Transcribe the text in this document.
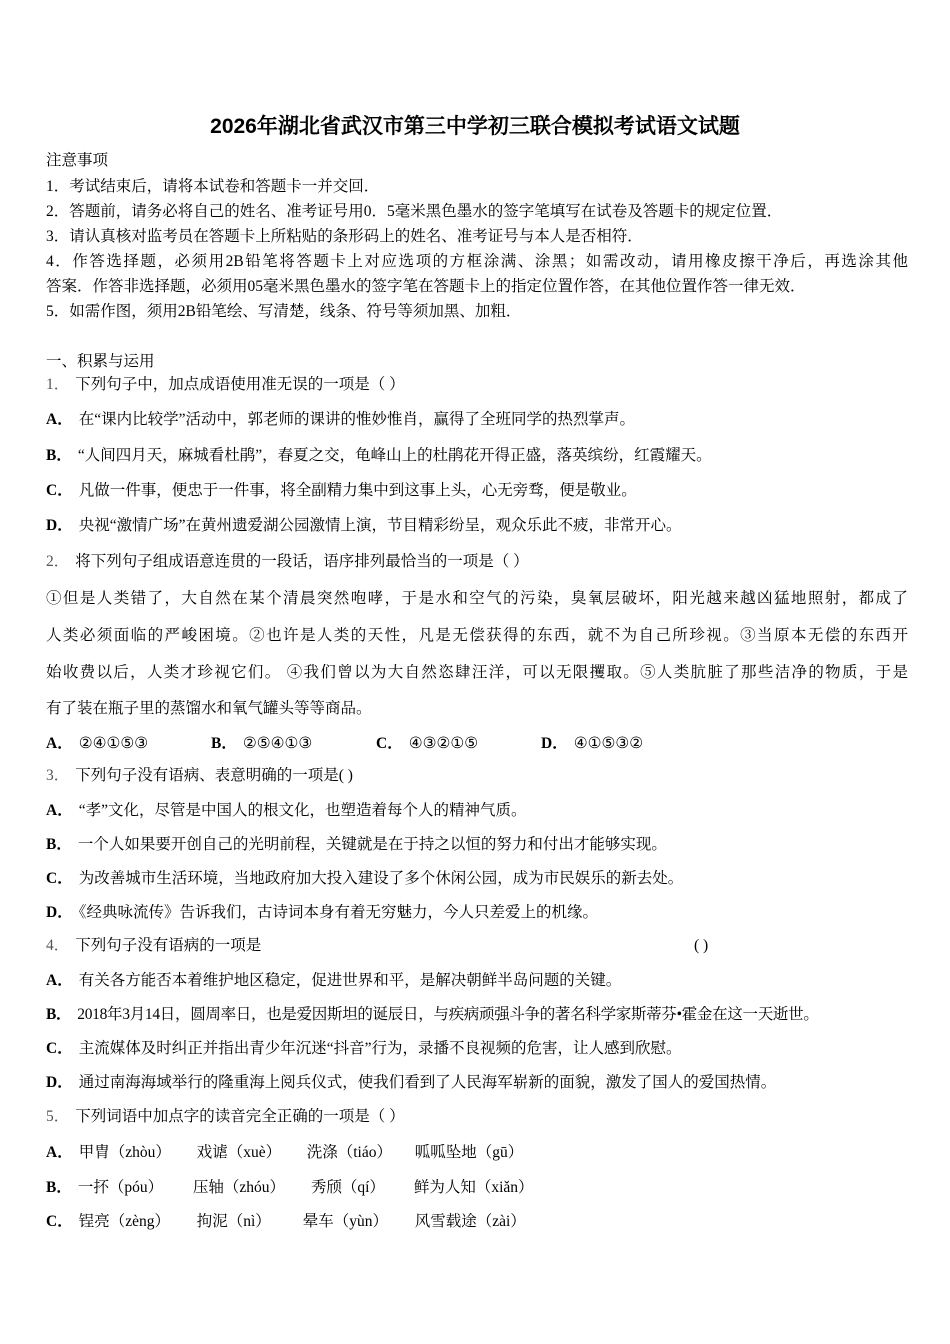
2026年湖北省武汉市第三中学初三联合模拟考试语文试题
注意事项
1．考试结束后，请将本试卷和答题卡一并交回．
2．答题前，请务必将自己的姓名、准考证号用0．5毫米黑色墨水的签字笔填写在试卷及答题卡的规定位置．
3．请认真核对监考员在答题卡上所粘贴的条形码上的姓名、准考证号与本人是否相符．
4．作答选择题，必须用2B铅笔将答题卡上对应选项的方框涂满、涂黑；如需改动，请用橡皮擦干净后，再选涂其他
答案．作答非选择题，必须用05毫米黑色墨水的签字笔在答题卡上的指定位置作答，在其他位置作答一律无效．
5．如需作图，须用2B铅笔绘、写清楚，线条、符号等须加黑、加粗．
一、积累与运用
1． 下列句子中，加点成语使用准无误的一项是（ ）
A． 在“课内比较学”活动中，郭老师的课讲的惟妙惟肖，赢得了全班同学的热烈掌声。
B． “人间四月天，麻城看杜鹃”，春夏之交，龟峰山上的杜鹃花开得正盛，落英缤纷，红霞耀天。
C． 凡做一件事，便忠于一件事，将全副精力集中到这事上头，心无旁骛，便是敬业。
D． 央视“激情广场”在黄州遗爱湖公园激情上演，节目精彩纷呈，观众乐此不疲，非常开心。
2． 将下列句子组成语意连贯的一段话，语序排列最恰当的一项是（ ）
①但是人类错了，大自然在某个清晨突然咆哮，于是水和空气的污染，臭氧层破坏，阳光越来越凶猛地照射，都成了
人类必须面临的严峻困境。②也许是人类的天性，凡是无偿获得的东西，就不为自己所珍视。③当原本无偿的东西开
始收费以后，人类才珍视它们。 ④我们曾以为大自然恣肆汪洋，可以无限攫取。⑤人类肮脏了那些洁净的物质，于是
有了装在瓶子里的蒸馏水和氧气罐头等等商品。
A． ②④①⑤③	B． ②⑤④①③	C． ④③②①⑤	D． ④①⑤③②
3． 下列句子没有语病、表意明确的一项是( )
A． “孝”文化，尽管是中国人的根文化，也塑造着每个人的精神气质。
B． 一个人如果要开创自己的光明前程，关键就是在于持之以恒的努力和付出才能够实现。
C． 为改善城市生活环境，当地政府加大投入建设了多个休闲公园，成为市民娱乐的新去处。
D． 《经典咏流传》告诉我们，古诗词本身有着无穷魅力，今人只差爱上的机缘。
4． 下列句子没有语病的一项是	( )
A． 有关各方能否本着维护地区稳定，促进世界和平，是解决朝鲜半岛问题的关键。
B． 2018年3月14日，圆周率日，也是爱因斯坦的诞辰日，与疾病顽强斗争的著名科学家斯蒂芬•霍金在这一天逝世。
C． 主流媒体及时纠正并指出青少年沉迷“抖音”行为，录播不良视频的危害，让人感到欣慰。
D． 通过南海海域举行的隆重海上阅兵仪式，使我们看到了人民海军崭新的面貌，激发了国人的爱国热情。
5． 下列词语中加点字的读音完全正确的一项是（ ）
A． 甲胄（zhòu） 戏谑（xuè） 洗涤（tiáo） 呱呱坠地（gū）
B． 一抔（póu） 压轴（zhóu） 秀颀（qí） 鲜为人知（xiǎn）
C． 锃亮（zèng） 拘泥（nì） 晕车（yùn） 风雪载途（zài）
